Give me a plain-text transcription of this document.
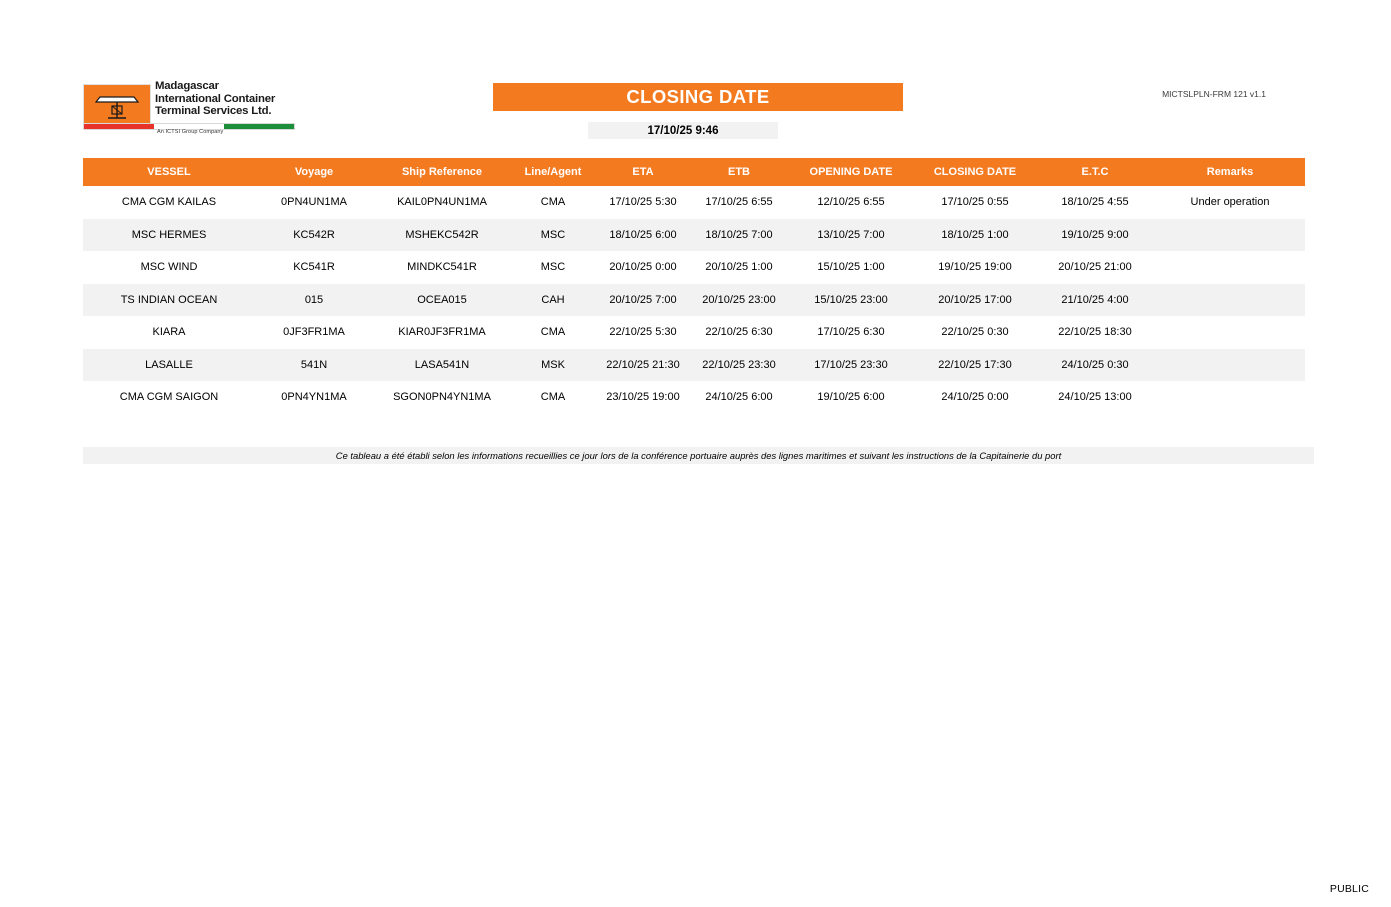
Madagascar
International Container
Terminal Services Ltd.
An ICTSI Group Company
CLOSING DATE
17/10/25 9:46
MICTSLPLN-FRM 121 v1.1
VESSEL	Voyage	Ship Reference	Line/Agent	ETA	ETB	OPENING DATE	CLOSING DATE	E.T.C	Remarks
CMA CGM KAILAS	0PN4UN1MA	KAIL0PN4UN1MA	CMA	17/10/25 5:30	17/10/25 6:55	12/10/25 6:55	17/10/25 0:55	18/10/25 4:55	Under operation
MSC HERMES	KC542R	MSHEKC542R	MSC	18/10/25 6:00	18/10/25 7:00	13/10/25 7:00	18/10/25 1:00	19/10/25 9:00	
MSC WIND	KC541R	MINDKC541R	MSC	20/10/25 0:00	20/10/25 1:00	15/10/25 1:00	19/10/25 19:00	20/10/25 21:00	
TS INDIAN OCEAN	015	OCEA015	CAH	20/10/25 7:00	20/10/25 23:00	15/10/25 23:00	20/10/25 17:00	21/10/25 4:00	
KIARA	0JF3FR1MA	KIAR0JF3FR1MA	CMA	22/10/25 5:30	22/10/25 6:30	17/10/25 6:30	22/10/25 0:30	22/10/25 18:30	
LASALLE	541N	LASA541N	MSK	22/10/25 21:30	22/10/25 23:30	17/10/25 23:30	22/10/25 17:30	24/10/25 0:30	
CMA CGM SAIGON	0PN4YN1MA	SGON0PN4YN1MA	CMA	23/10/25 19:00	24/10/25 6:00	19/10/25 6:00	24/10/25 0:00	24/10/25 13:00	
Ce tableau a été établi selon les informations recueillies ce jour lors de la conférence portuaire auprès des lignes maritimes et suivant les instructions de la Capitainerie du port
PUBLIC
